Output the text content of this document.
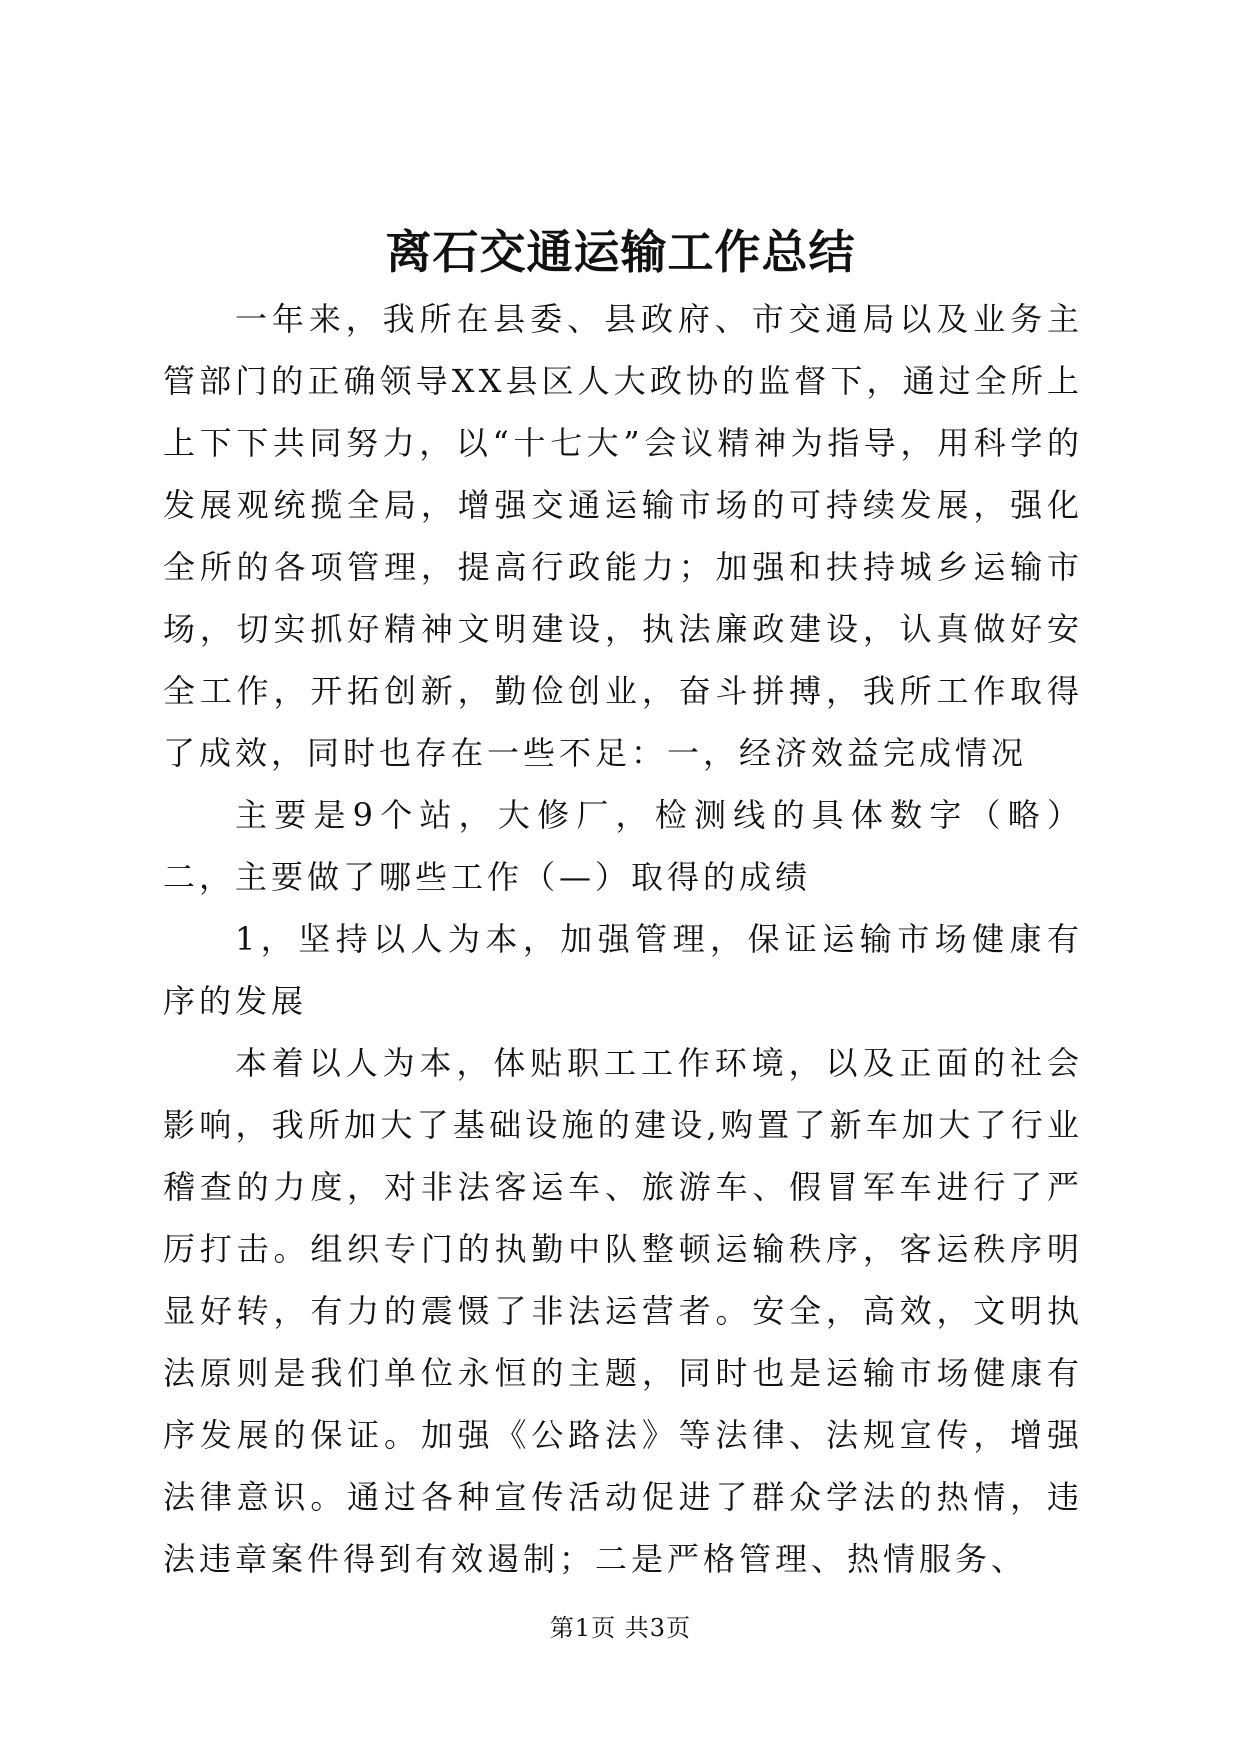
离石交通运输工作总结

一年来，我所在县委、县政府、市交通局以及业务主管部门的正确领导XX县区人大政协的监督下，通过全所上上下下共同努力，以“十七大”会议精神为指导，用科学的发展观统揽全局，增强交通运输市场的可持续发展，强化全所的各项管理，提高行政能力；加强和扶持城乡运输市场，切实抓好精神文明建设，执法廉政建设，认真做好安全工作，开拓创新，勤俭创业，奋斗拼搏，我所工作取得了成效，同时也存在一些不足：一，经济效益完成情况

主要是9个站，大修厂，检测线的具体数字（略）二，主要做了哪些工作（—）取得的成绩

1，坚持以人为本，加强管理，保证运输市场健康有序的发展

本着以人为本，体贴职工工作环境，以及正面的社会影响，我所加大了基础设施的建设,购置了新车加大了行业稽查的力度，对非法客运车、旅游车、假冒军车进行了严厉打击。组织专门的执勤中队整顿运输秩序，客运秩序明显好转，有力的震慑了非法运营者。安全，高效，文明执法原则是我们单位永恒的主题，同时也是运输市场健康有序发展的保证。加强《公路法》等法律、法规宣传，增强法律意识。通过各种宣传活动促进了群众学法的热情，违法违章案件得到有效遏制；二是严格管理、热情服务、

第1页 共3页
